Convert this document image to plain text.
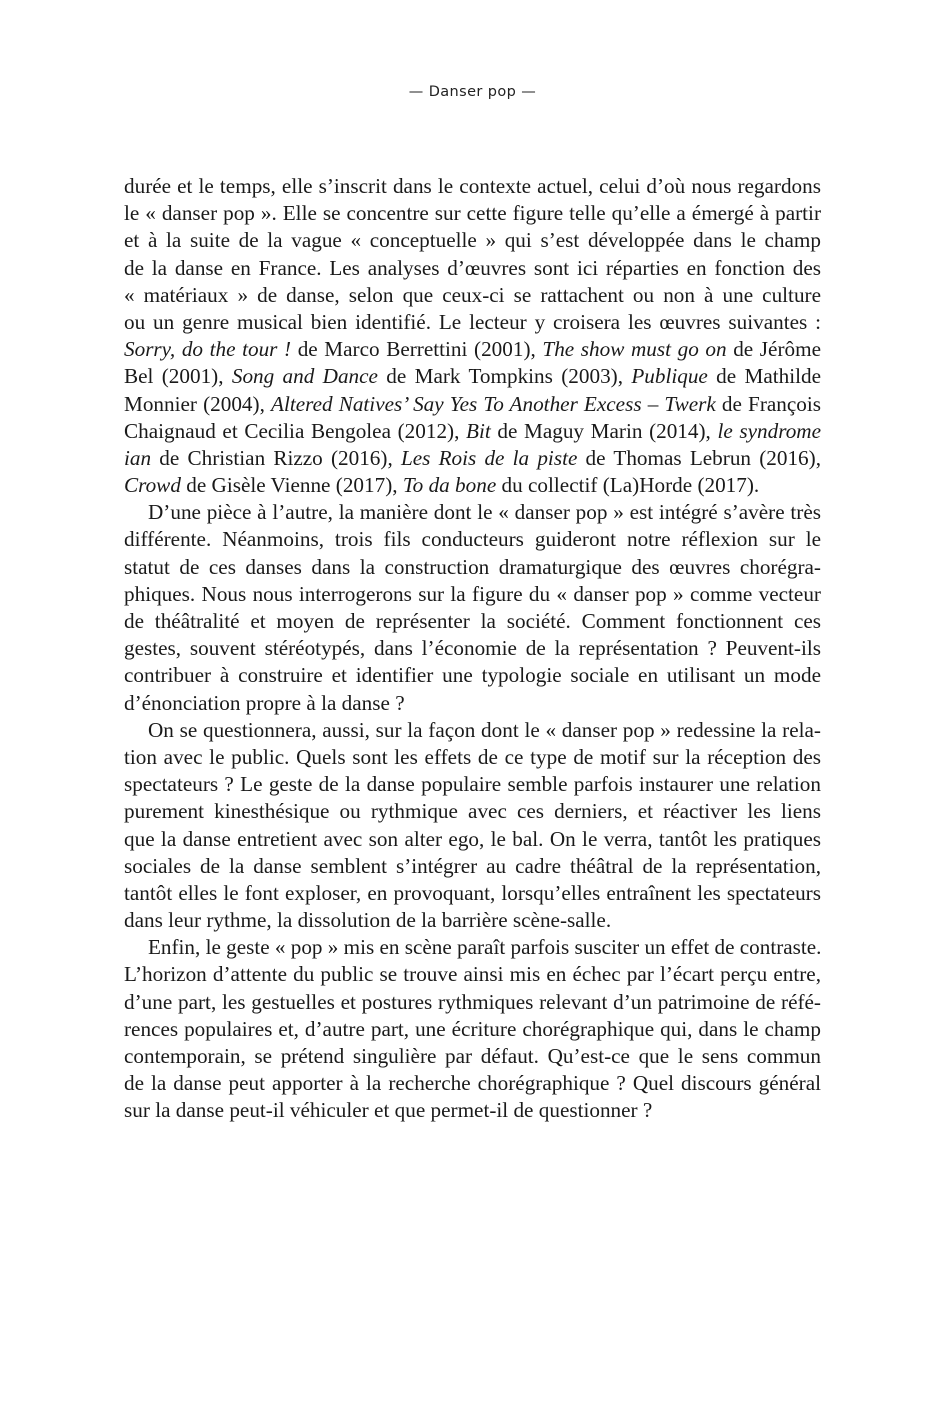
— Danser pop —
durée et le temps, elle s’inscrit dans le contexte actuel, celui d’où nous regardons
le « danser pop ». Elle se concentre sur cette figure telle qu’elle a émergé à partir
et à la suite de la vague « conceptuelle » qui s’est développée dans le champ
de la danse en France. Les analyses d’œuvres sont ici réparties en fonction des
« matériaux » de danse, selon que ceux-ci se rattachent ou non à une culture
ou un genre musical bien identifié. Le lecteur y croisera les œuvres suivantes :
Sorry, do the tour ! de Marco Berrettini (2001), The show must go on de Jérôme
Bel (2001), Song and Dance de Mark Tompkins (2003), Publique de Mathilde
Monnier (2004), Altered Natives’ Say Yes To Another Excess – Twerk de François
Chaignaud et Cecilia Bengolea (2012), Bit de Maguy Marin (2014), le syndrome
ian de Christian Rizzo (2016), Les Rois de la piste de Thomas Lebrun (2016),
Crowd de Gisèle Vienne (2017), To da bone du collectif (La)Horde (2017).
D’une pièce à l’autre, la manière dont le « danser pop » est intégré s’avère très
différente. Néanmoins, trois fils conducteurs guideront notre réflexion sur le
statut de ces danses dans la construction dramaturgique des œuvres chorégra-
phiques. Nous nous interrogerons sur la figure du « danser pop » comme vecteur
de théâtralité et moyen de représenter la société. Comment fonctionnent ces
gestes, souvent stéréotypés, dans l’économie de la représentation ? Peuvent-ils
contribuer à construire et identifier une typologie sociale en utilisant un mode
d’énonciation propre à la danse ?
On se questionnera, aussi, sur la façon dont le « danser pop » redessine la rela-
tion avec le public. Quels sont les effets de ce type de motif sur la réception des
spectateurs ? Le geste de la danse populaire semble parfois instaurer une relation
purement kinesthésique ou rythmique avec ces derniers, et réactiver les liens
que la danse entretient avec son alter ego, le bal. On le verra, tantôt les pratiques
sociales de la danse semblent s’intégrer au cadre théâtral de la représentation,
tantôt elles le font exploser, en provoquant, lorsqu’elles entraînent les spectateurs
dans leur rythme, la dissolution de la barrière scène-salle.
Enfin, le geste « pop » mis en scène paraît parfois susciter un effet de contraste.
L’horizon d’attente du public se trouve ainsi mis en échec par l’écart perçu entre,
d’une part, les gestuelles et postures rythmiques relevant d’un patrimoine de réfé-
rences populaires et, d’autre part, une écriture chorégraphique qui, dans le champ
contemporain, se prétend singulière par défaut. Qu’est-ce que le sens commun
de la danse peut apporter à la recherche chorégraphique ? Quel discours général
sur la danse peut-il véhiculer et que permet-il de questionner ?
